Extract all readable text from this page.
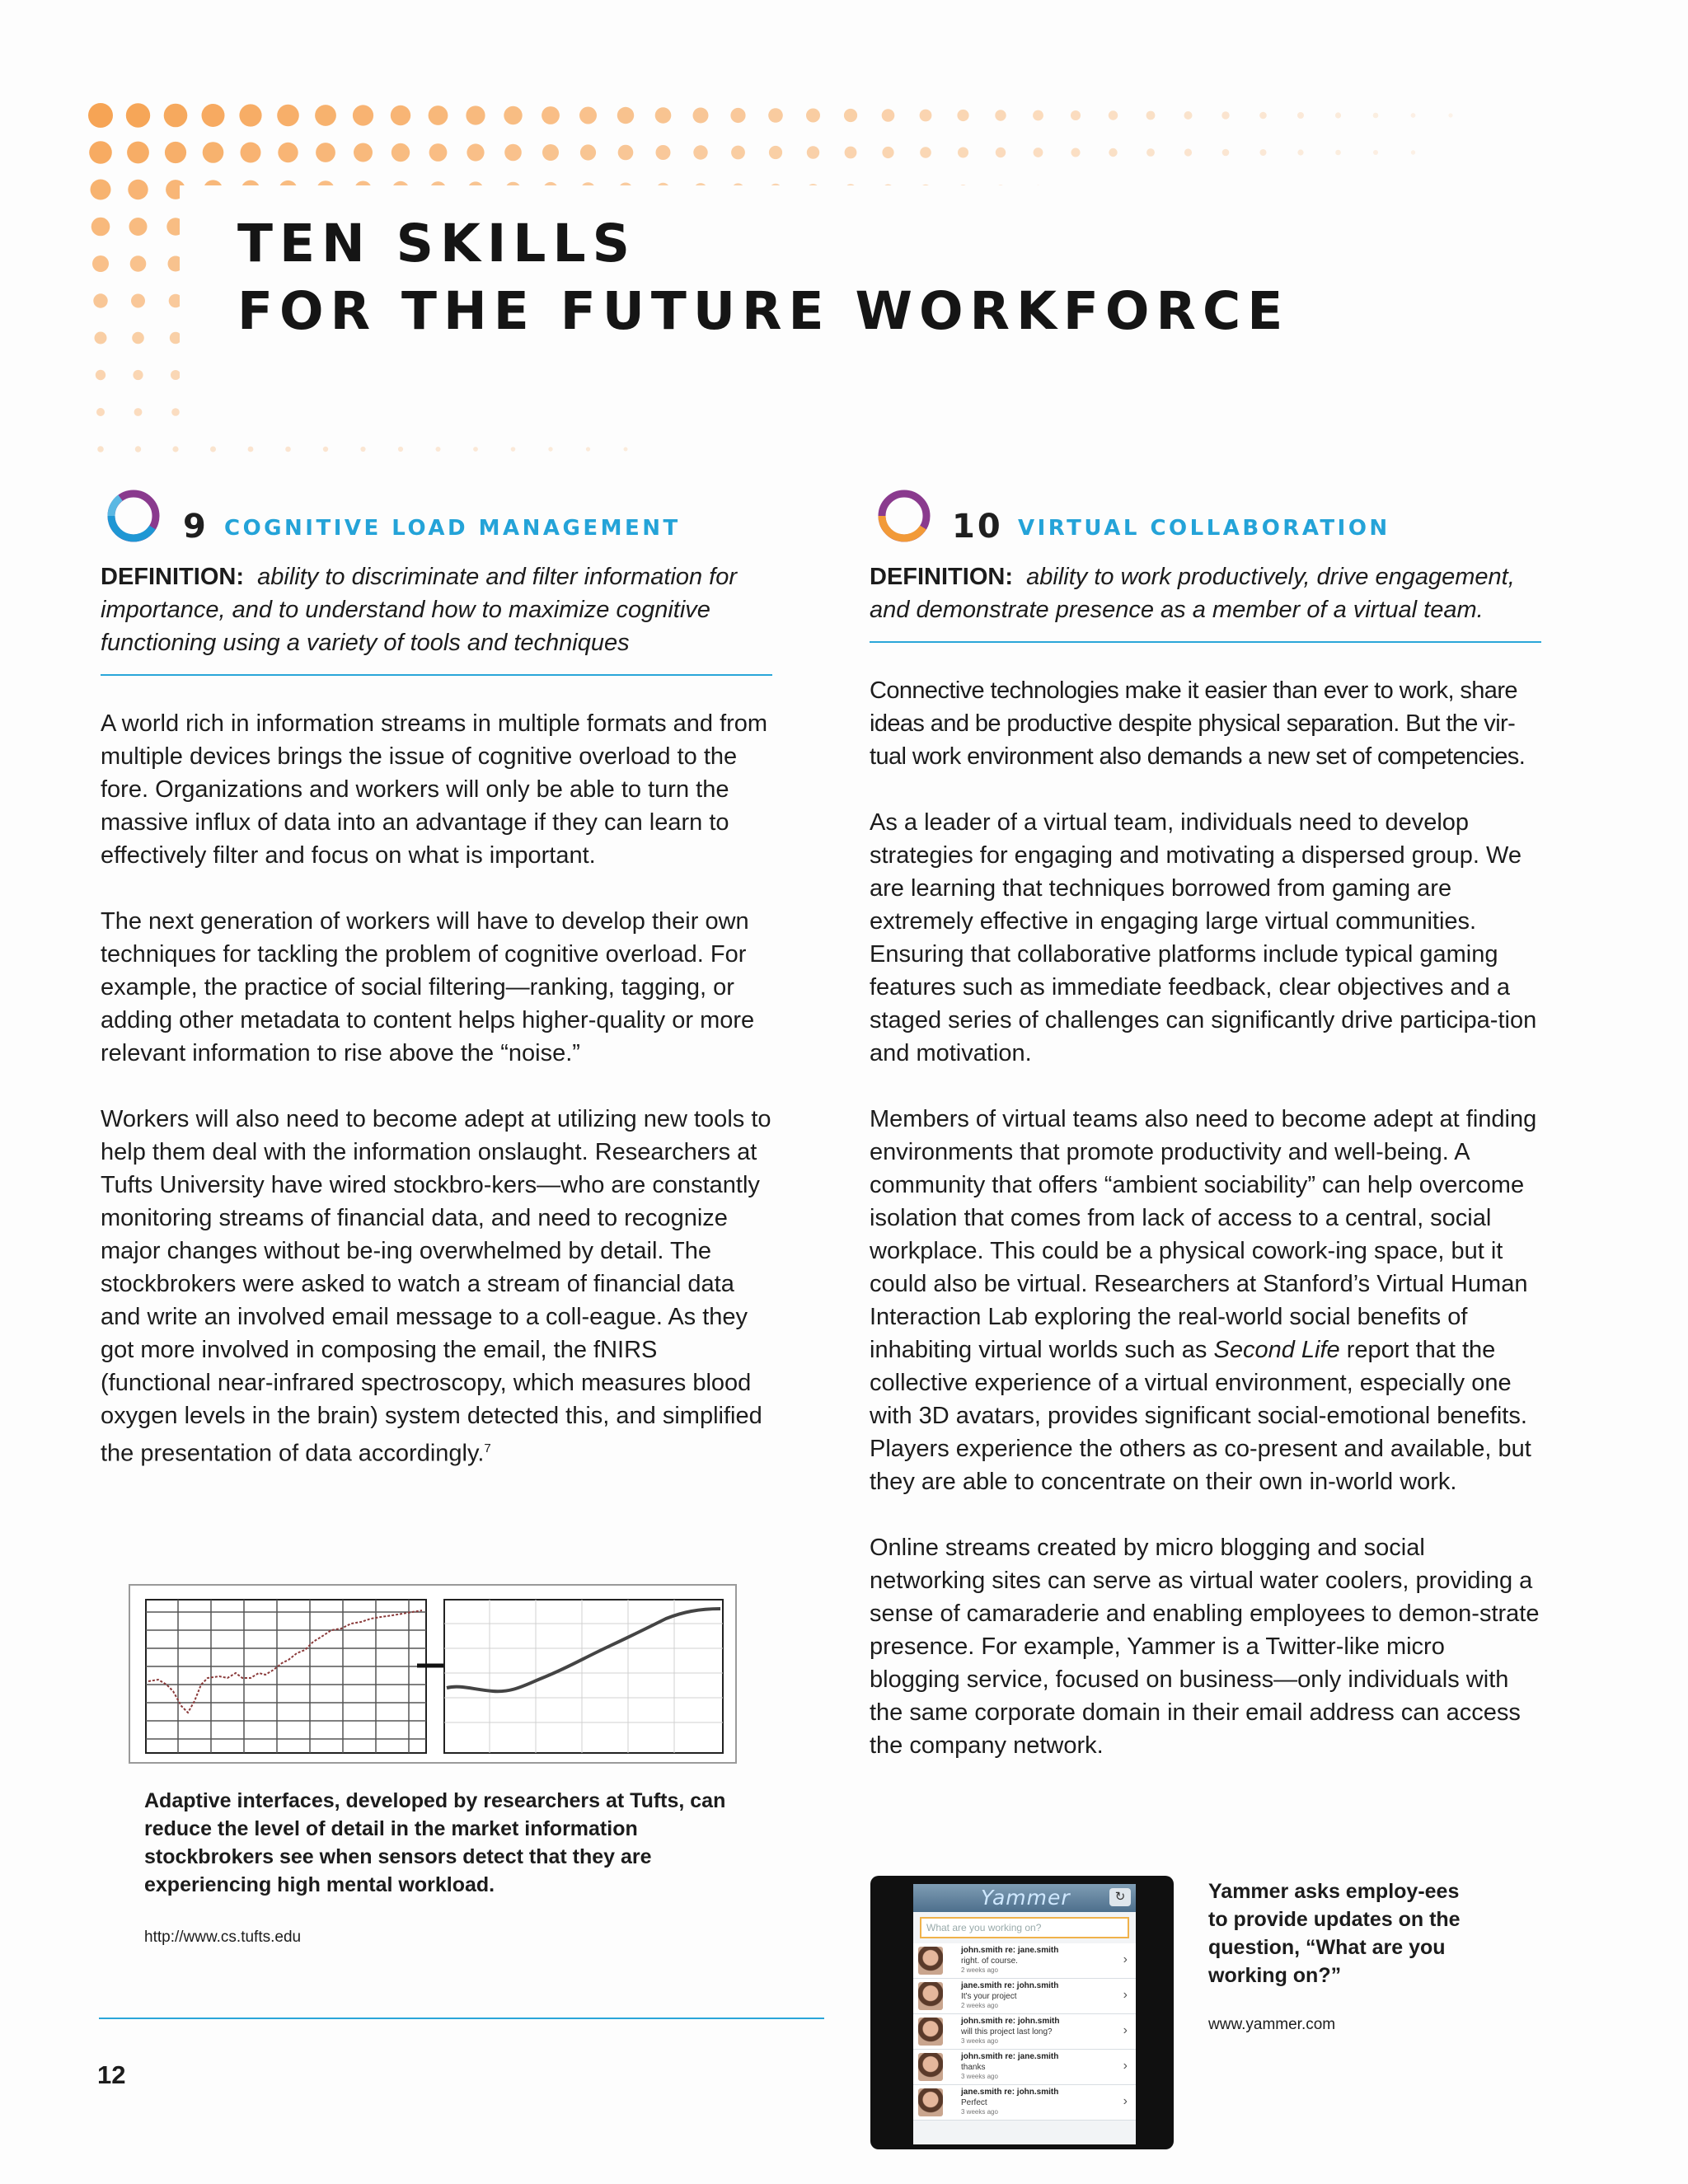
TEN SKILLS
FOR THE FUTURE WORKFORCE
9 COGNITIVE LOAD MANAGEMENT

DEFINITION: ability to discriminate and filter information for importance, and to understand how to maximize cognitive functioning using a variety of tools and techniques

A world rich in information streams in multiple formats and from multiple devices brings the issue of cognitive overload to the fore. Organizations and workers will only be able to turn the massive influx of data into an advantage if they can learn to effectively filter and focus on what is important.

The next generation of workers will have to develop their own techniques for tackling the problem of cognitive overload. For example, the practice of social filtering—ranking, tagging, or adding other metadata to content helps higher-quality or more relevant information to rise above the “noise.”

Workers will also need to become adept at utilizing new tools to help them deal with the information onslaught. Researchers at Tufts University have wired stockbro-kers—who are constantly monitoring streams of financial data, and need to recognize major changes without be-ing overwhelmed by detail. The stockbrokers were asked to watch a stream of financial data and write an involved email message to a coll-eague. As they got more involved in composing the email, the fNIRS (functional near-infrared spectroscopy, which measures blood oxygen levels in the brain) system detected this, and simplified the presentation of data accordingly.$^7$

Adaptive interfaces, developed by researchers at Tufts, can reduce the level of detail in the market information stockbrokers see when sensors detect that they are experiencing high mental workload.

http://www.cs.tufts.edu
12
10 VIRTUAL COLLABORATION

DEFINITION: ability to work productively, drive engagement, and demonstrate presence as a member of a virtual team.

Connective technologies make it easier than ever to work, share ideas and be productive despite physical separation. But the vir-tual work environment also demands a new set of competencies.

As a leader of a virtual team, individuals need to develop strategies for engaging and motivating a dispersed group. We are learning that techniques borrowed from gaming are extremely effective in engaging large virtual communities. Ensuring that collaborative platforms include typical gaming features such as immediate feedback, clear objectives and a staged series of challenges can significantly drive participa-tion and motivation.

Members of virtual teams also need to become adept at finding environments that promote productivity and well-being. A community that offers “ambient sociability” can help overcome isolation that comes from lack of access to a central, social workplace. This could be a physical cowork-ing space, but it could also be virtual. Researchers at Stanford’s Virtual Human Interaction Lab exploring the real-world social benefits of inhabiting virtual worlds such as Second Life report that the collective experience of a virtual environment, especially one with 3D avatars, provides significant social-emotional benefits. Players experience the others as co-present and available, but they are able to concentrate on their own in-world work.

Online streams created by micro blogging and social networking sites can serve as virtual water coolers, providing a sense of camaraderie and enabling employees to demon-strate presence. For example, Yammer is a Twitter-like micro blogging service, focused on business—only individuals with the same corporate domain in their email address can access the company network.

Yammer	↻
What are you working on?
john.smith re: jane.smith
right. of course.
2 weeks ago
›
jane.smith re: john.smith
It's your project
2 weeks ago
›
john.smith re: john.smith
will this project last long?
3 weeks ago
›
john.smith re: jane.smith
thanks
3 weeks ago
›
jane.smith re: john.smith
Perfect
3 weeks ago
›

Yammer asks employ-ees to provide updates on the question, “What are you working on?”

www.yammer.com
